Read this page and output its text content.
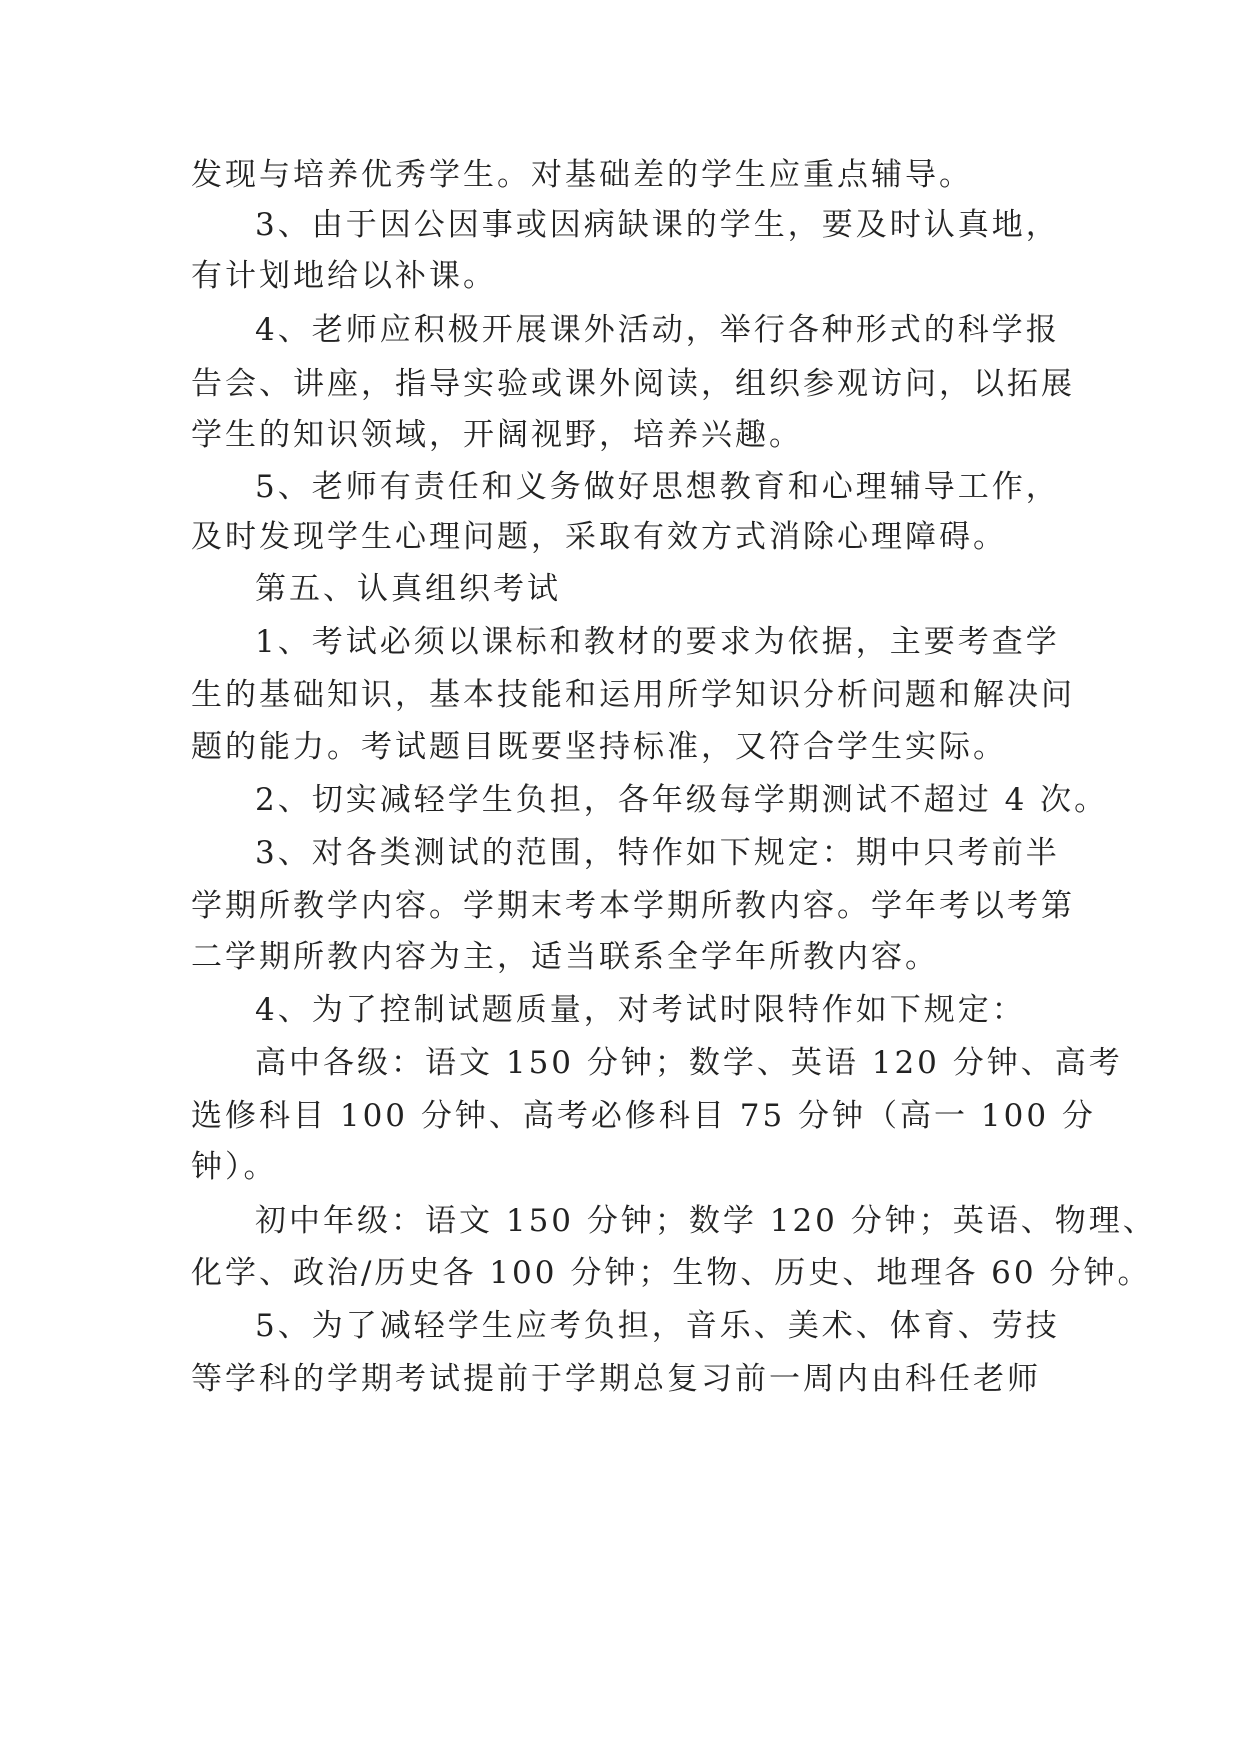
发现与培养优秀学生。对基础差的学生应重点辅导。
3、由于因公因事或因病缺课的学生，要及时认真地，
有计划地给以补课。
4、老师应积极开展课外活动，举行各种形式的科学报
告会、讲座，指导实验或课外阅读，组织参观访问，以拓展
学生的知识领域，开阔视野，培养兴趣。
5、老师有责任和义务做好思想教育和心理辅导工作，
及时发现学生心理问题，采取有效方式消除心理障碍。
第五、认真组织考试
1、考试必须以课标和教材的要求为依据，主要考查学
生的基础知识，基本技能和运用所学知识分析问题和解决问
题的能力。考试题目既要坚持标准，又符合学生实际。
2、切实减轻学生负担，各年级每学期测试不超过 4 次。
3、对各类测试的范围，特作如下规定：期中只考前半
学期所教学内容。学期末考本学期所教内容。学年考以考第
二学期所教内容为主，适当联系全学年所教内容。
4、为了控制试题质量，对考试时限特作如下规定：
高中各级：语文 150 分钟；数学、英语 120 分钟、高考
选修科目 100 分钟、高考必修科目 75 分钟（高一 100 分
钟）。
初中年级：语文 150 分钟；数学 120 分钟；英语、物理、
化学、政治/历史各 100 分钟；生物、历史、地理各 60 分钟。
5、为了减轻学生应考负担，音乐、美术、体育、劳技
等学科的学期考试提前于学期总复习前一周内由科任老师
